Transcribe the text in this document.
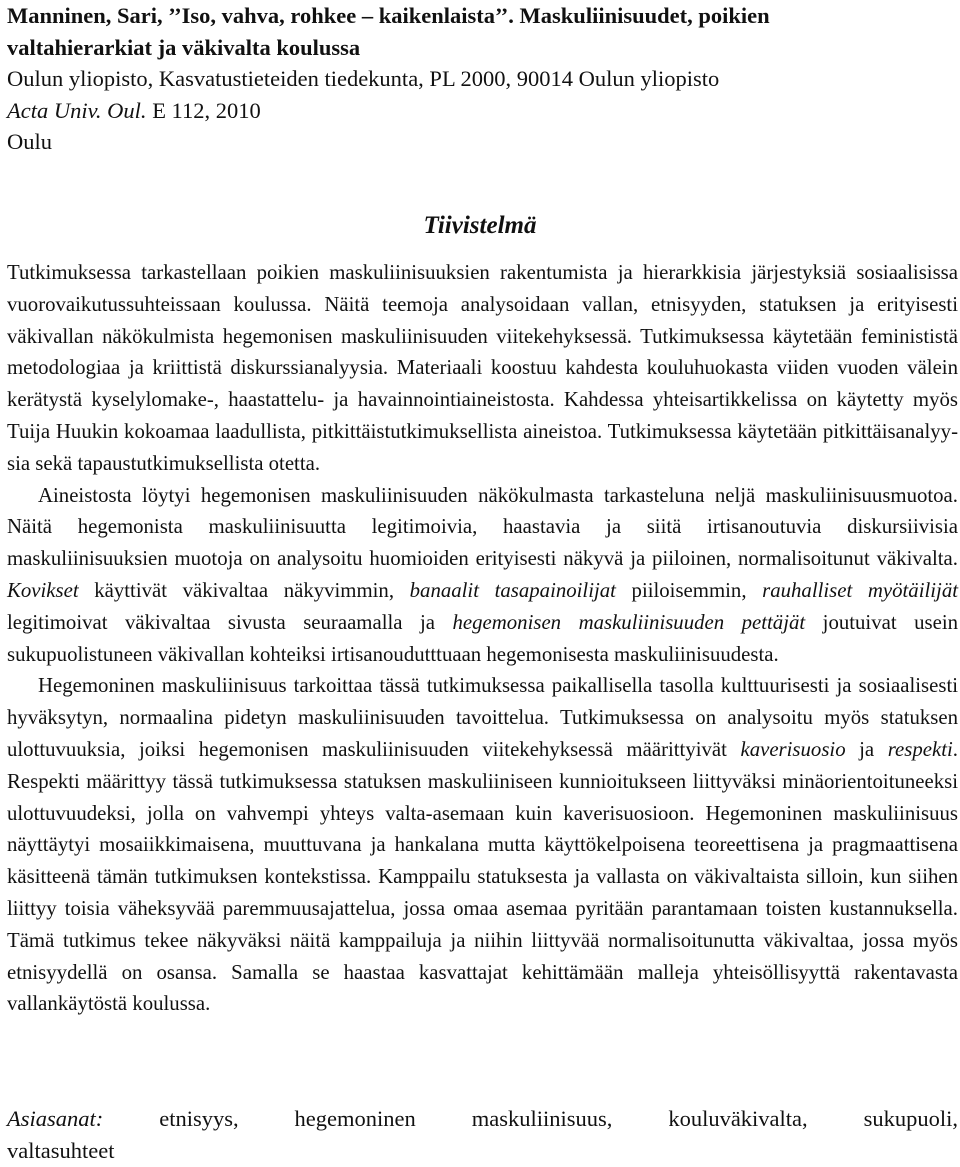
Manninen, Sari, ’’Iso, vahva, rohkee – kaikenlaista’’. Maskuliinisuudet, poikien

valtahierarkiat ja väkivalta koulussa

Oulun yliopisto, Kasvatustieteiden tiedekunta, PL 2000, 90014 Oulun yliopisto

Acta Univ. Oul. E 112, 2010

Oulu

Tiivistelmä

Tutkimuksessa tarkastellaan poikien maskuliinisuuksien rakentumista ja hierarkkisia järjestyksiä sosiaalisissa vuorovaikutussuhteissaan koulussa. Näitä teemoja analysoidaan vallan, etnisyyden, statuksen ja erityisesti väkivallan näkökulmista hegemonisen maskuliinisuuden viitekehyksessä. Tutkimuksessa käytetään feminististä metodologiaa ja kriittistä diskurssianalyysia. Materiaali koostuu kahdesta kouluhuokasta viiden vuoden välein kerätystä kyselylomake-, haastattelu- ja havainnointiaineistosta. Kahdessa yhteisartikkelissa on käytetty myös Tuija Huukin kokoamaa laadullista, pitkittäistutkimuksellista aineistoa. Tutkimuksessa käytetään pitkittäisanalyysia sekä tapaustutkimuksellista otetta.

Aineistosta löytyi hegemonisen maskuliinisuuden näkökulmasta tarkasteluna neljä maskuliinisuusmuotoa. Näitä hegemonista maskuliinisuutta legitimoivia, haastavia ja siitä irtisanoutuvia diskursiivisia maskuliinisuuksien muotoja on analysoitu huomioiden erityisesti näkyvä ja piiloinen, normalisoitunut väkivalta. Kovikset käyttivät väkivaltaa näkyvimmin, banaalit tasapainoilijat piiloisemmin, rauhalliset myötäilijät legitimoivat väkivaltaa sivusta seuraamalla ja hegemonisen maskuliinisuuden pettäjät joutuivat usein sukupuolistuneen väkivallan kohteiksi irtisanoudutttuaan hegemonisesta maskuliinisuudesta.

Hegemoninen maskuliinisuus tarkoittaa tässä tutkimuksessa paikallisella tasolla kulttuurisesti ja sosiaalisesti hyväksytyn, normaalina pidetyn maskuliinisuuden tavoittelua. Tutkimuksessa on analysoitu myös statuksen ulottuvuuksia, joiksi hegemonisen maskuliinisuuden viitekehyksessä määrittyivät kaverisuosio ja respekti. Respekti määrittyy tässä tutkimuksessa statuksen maskuliiniseen kunnioitukseen liittyväksi minäorientoituneeksi ulottuvuudeksi, jolla on vahvempi yhteys valta-asemaan kuin kaverisuosioon. Hegemoninen maskuliinisuus näyttäytyi mosaiikkimaisena, muuttuvana ja hankalana mutta käyttökelpoisena teoreettisena ja pragmaattisena käsitteenä tämän tutkimuksen kontekstissa. Kamppailu statuksesta ja vallasta on väkivaltaista silloin, kun siihen liittyy toisia väheksyvää paremmuusajattelua, jossa omaa asemaa pyritään parantamaan toisten kustannuksella. Tämä tutkimus tekee näkyväksi näitä kamppailuja ja niihin liittyvää normalisoitunutta väkivaltaa, jossa myös etnisyydellä on osansa. Samalla se haastaa kasvattajat kehittämään malleja yhteisöllisyyttä rakentavasta vallankäytöstä koulussa.

Asiasanat: etnisyys, hegemoninen maskuliinisuus, kouluväkivalta, sukupuoli,

valtasuhteet
